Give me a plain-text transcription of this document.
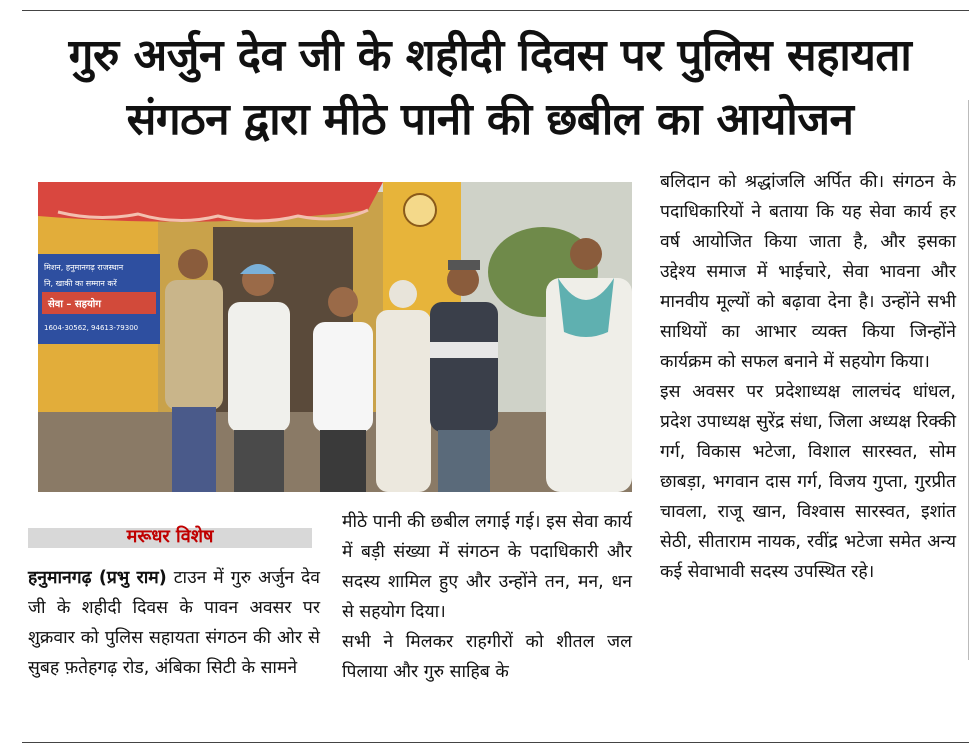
गुरु अर्जुन देव जी के शहीदी दिवस पर पुलिस सहायता
संगठन द्वारा मीठे पानी की छबील का आयोजन
मिशन, हनुमानगढ़ राजस्थान
नि, खाकी का सम्मान करें
सेवा – सहयोग
1604-30562, 94613-79300
मरूधर विशेष

हनुमानगढ़ (प्रभु राम) टाउन में गुरु अर्जुन देव जी के शहीदी दिवस के पावन अवसर पर शुक्रवार को पुलिस सहायता संगठन की ओर से सुबह फ़तेहगढ़ रोड, अंबिका सिटी के सामने

मीठे पानी की छबील लगाई गई। इस सेवा कार्य में बड़ी संख्या में संगठन के पदाधिकारी और सदस्य शामिल हुए और उन्होंने तन, मन, धन से सहयोग दिया।

सभी ने मिलकर राहगीरों को शीतल जल पिलाया और गुरु साहिब के

बलिदान को श्रद्धांजलि अर्पित की। संगठन के पदाधिकारियों ने बताया कि यह सेवा कार्य हर वर्ष आयोजित किया जाता है, और इसका उद्देश्य समाज में भाईचारे, सेवा भावना और मानवीय मूल्यों को बढ़ावा देना है। उन्होंने सभी साथियों का आभार व्यक्त किया जिन्होंने कार्यक्रम को सफल बनाने में सहयोग किया।

इस अवसर पर प्रदेशाध्यक्ष लालचंद धांधल, प्रदेश उपाध्यक्ष सुरेंद्र संधा, जिला अध्यक्ष रिक्की गर्ग, विकास भटेजा, विशाल सारस्वत, सोम छाबड़ा, भगवान दास गर्ग, विजय गुप्ता, गुरप्रीत चावला, राजू खान, विश्वास सारस्वत, इशांत सेठी, सीताराम नायक, रवींद्र भटेजा समेत अन्य कई सेवाभावी सदस्य उपस्थित रहे।
